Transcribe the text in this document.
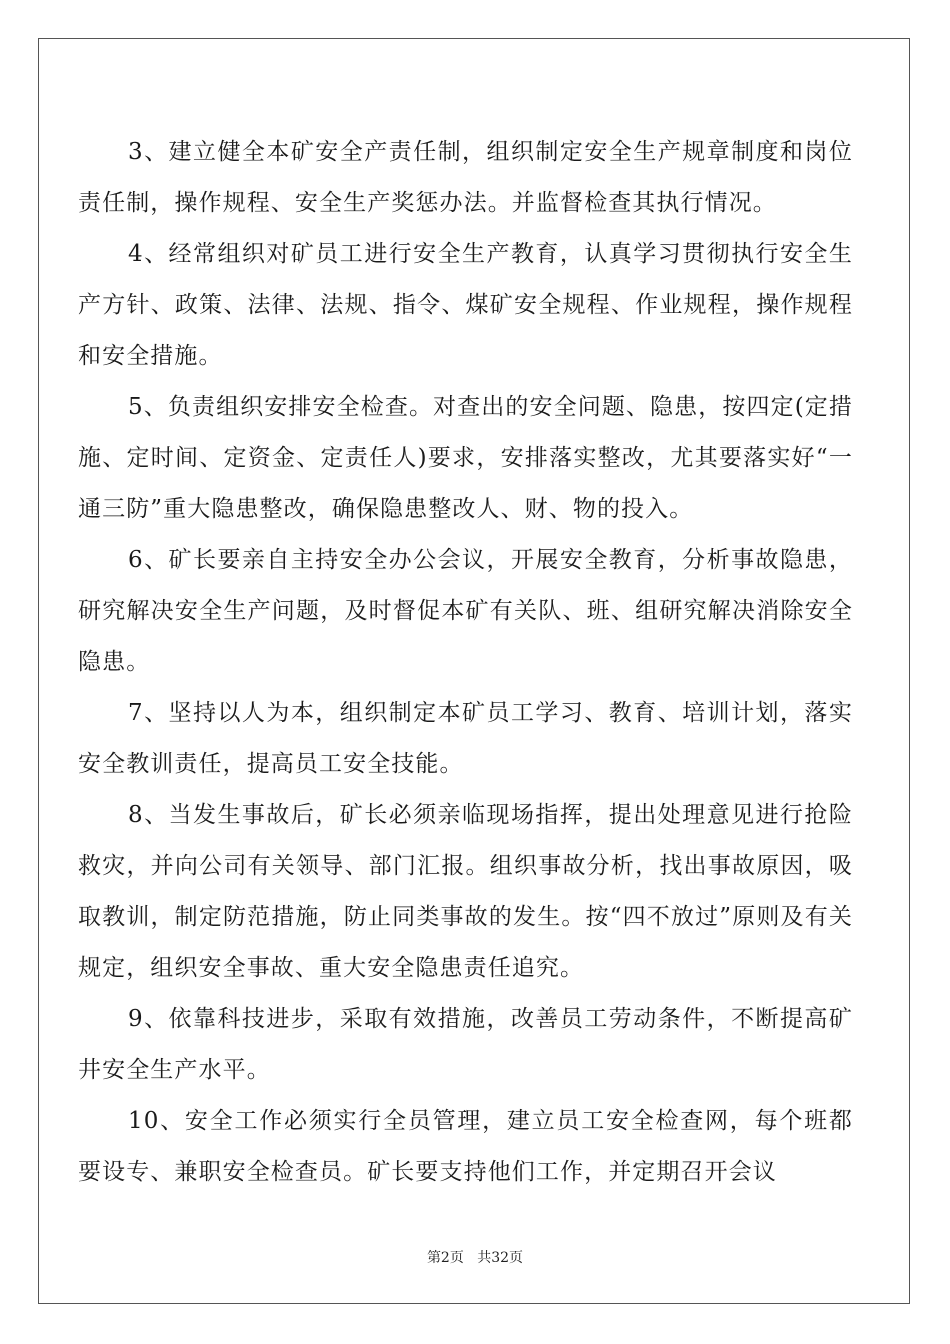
3、建立健全本矿安全产责任制，组织制定安全生产规章制度和岗位责任制，操作规程、安全生产奖惩办法。并监督检查其执行情况。

4、经常组织对矿员工进行安全生产教育，认真学习贯彻执行安全生产方针、政策、法律、法规、指令、煤矿安全规程、作业规程，操作规程和安全措施。

5、负责组织安排安全检查。对查出的安全问题、隐患，按四定(定措施、定时间、定资金、定责任人)要求，安排落实整改，尤其要落实好“一通三防”重大隐患整改，确保隐患整改人、财、物的投入。

6、矿长要亲自主持安全办公会议，开展安全教育，分析事故隐患，研究解决安全生产问题，及时督促本矿有关队、班、组研究解决消除安全隐患。

7、坚持以人为本，组织制定本矿员工学习、教育、培训计划，落实安全教训责任，提高员工安全技能。

8、当发生事故后，矿长必须亲临现场指挥，提出处理意见进行抢险救灾，并向公司有关领导、部门汇报。组织事故分析，找出事故原因，吸取教训，制定防范措施，防止同类事故的发生。按“四不放过”原则及有关规定，组织安全事故、重大安全隐患责任追究。

9、依靠科技进步，采取有效措施，改善员工劳动条件，不断提高矿井安全生产水平。

10、安全工作必须实行全员管理，建立员工安全检查网，每个班都要设专、兼职安全检查员。矿长要支持他们工作，并定期召开会议

第2页 共32页
